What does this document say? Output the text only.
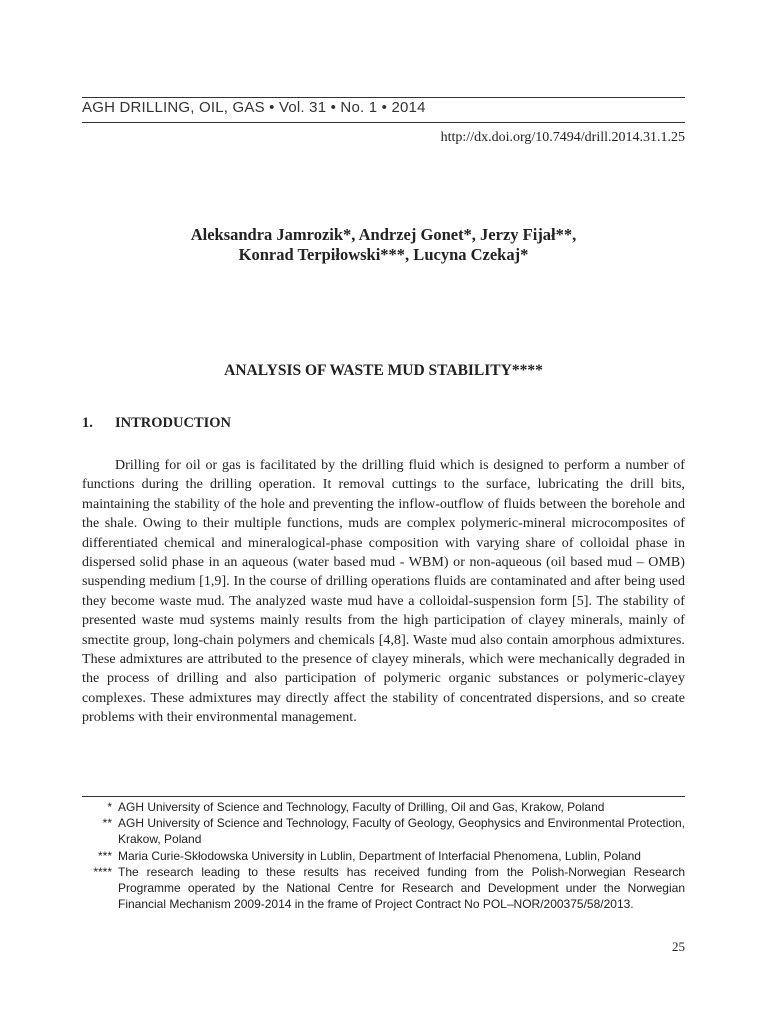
AGH DRILLING, OIL, GAS • Vol. 31 • No. 1 • 2014
http://dx.doi.org/10.7494/drill.2014.31.1.25
Aleksandra Jamrozik*, Andrzej Gonet*, Jerzy Fijał**,
Konrad Terpiłowski***, Lucyna Czekaj*
ANALYSIS OF WASTE MUD STABILITY****
1. INTRODUCTION

Drilling for oil or gas is facilitated by the drilling fluid which is designed to perform a number of functions during the drilling operation. It removal cuttings to the surface, lubricating the drill bits, maintaining the stability of the hole and preventing the inflow-outflow of fluids between the borehole and the shale. Owing to their multiple functions, muds are complex polymeric-mineral microcomposites of differentiated chemical and mineralogical-phase composition with varying share of colloidal phase in dispersed solid phase in an aqueous (water based mud - WBM) or non-aqueous (oil based mud – OMB) suspending medium [1,9]. In the course of drilling operations fluids are contaminated and after being used they become waste mud. The analyzed waste mud have a colloidal-suspension form [5]. The stability of presented waste mud systems mainly results from the high participation of clayey minerals, mainly of smectite group, long-chain polymers and chemicals [4,8]. Waste mud also contain amorphous admixtures. These admixtures are attributed to the presence of clayey minerals, which were mechanically degraded in the process of drilling and also participation of polymeric organic substances or polymeric-clayey complexes. These admixtures may directly affect the stability of concentrated dispersions, and so create problems with their environmental management.

* AGH University of Science and Technology, Faculty of Drilling, Oil and Gas, Krakow, Poland
** AGH University of Science and Technology, Faculty of Geology, Geophysics and Environmental Protection, Krakow, Poland
*** Maria Curie-Skłodowska University in Lublin, Department of Interfacial Phenomena, Lublin, Poland
**** The research leading to these results has received funding from the Polish-Norwegian Research Programme operated by the National Centre for Research and Development under the Norwegian Financial Mechanism 2009-2014 in the frame of Project Contract No POL–NOR/200375/58/2013.
25
